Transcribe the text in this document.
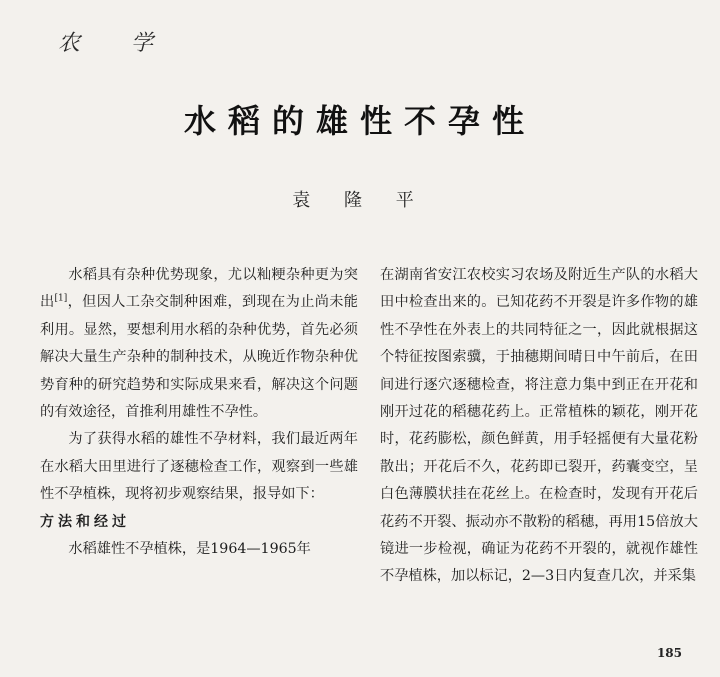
农 学
水稻的雄性不孕性
袁 隆 平

水稻具有杂种优势现象，尤以籼粳杂种更为突出[1]，但因人工杂交制种困难，到现在为止尚未能利用。显然，要想利用水稻的杂种优势，首先必须解决大量生产杂种的制种技术，从晚近作物杂种优势育种的研究趋势和实际成果来看，解决这个问题的有效途径，首推利用雄性不孕性。

为了获得水稻的雄性不孕材料，我们最近两年在水稻大田里进行了逐穗检查工作，观察到一些雄性不孕植株，现将初步观察结果，报导如下：

方法和经过

水稻雄性不孕植株，是1964—1965年

在湖南省安江农校实习农场及附近生产队的水稻大田中检查出来的。已知花药不开裂是许多作物的雄性不孕性在外表上的共同特征之一，因此就根据这个特征按图索骥，于抽穗期间晴日中午前后，在田间进行逐穴逐穗检查，将注意力集中到正在开花和刚开过花的稻穗花药上。正常植株的颖花，刚开花时，花药膨松，颜色鲜黄，用手轻摇便有大量花粉散出；开花后不久，花药即已裂开，药囊变空，呈白色薄膜状挂在花丝上。在检查时，发现有开花后花药不开裂、振动亦不散粉的稻穗，再用15倍放大镜进一步检视，确证为花药不开裂的，就视作雄性不孕植株，加以标记，2—3日内复查几次，并采集

185
